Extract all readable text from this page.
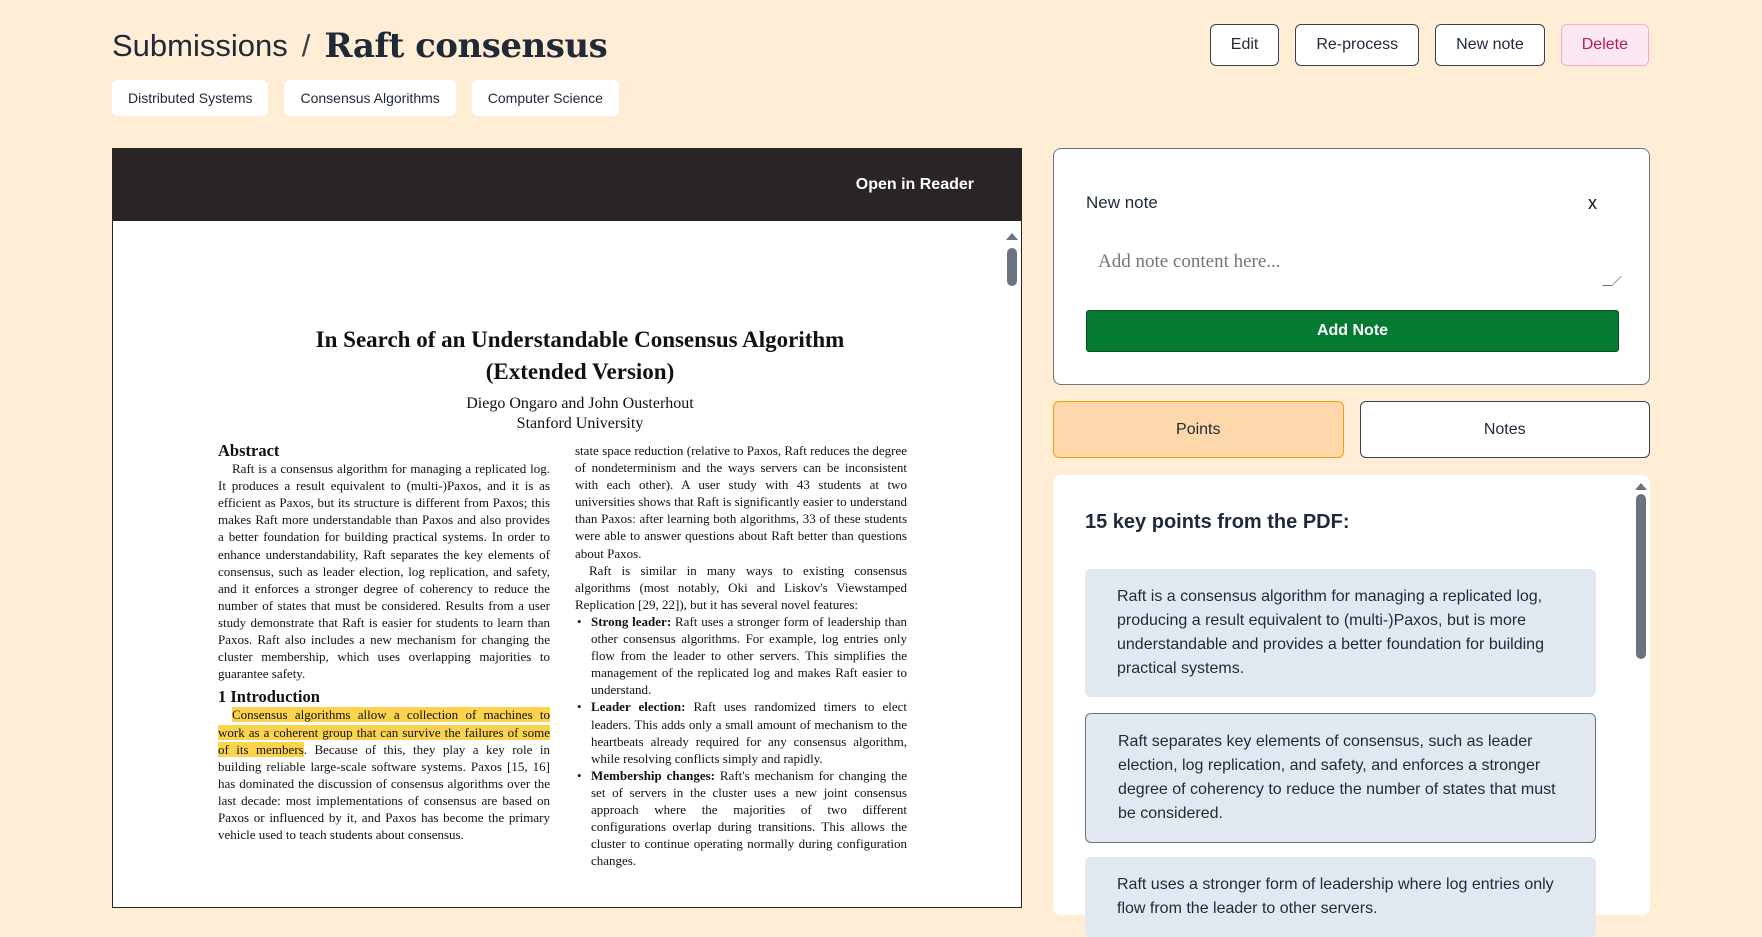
Submissions / Raft consensus	Edit	Re-process	New note	Delete
Distributed Systems	Consensus Algorithms	Computer Science
Open in Reader
In Search of an Understandable Consensus Algorithm
(Extended Version)
Diego Ongaro and John Ousterhout
Stanford University
Abstract

Raft is a consensus algorithm for managing a replicated log. It produces a result equivalent to (multi-)Paxos, and it is as efficient as Paxos, but its structure is different from Paxos; this makes Raft more understandable than Paxos and also provides a better foundation for building practical systems. In order to enhance understandability, Raft separates the key elements of consensus, such as leader election, log replication, and safety, and it enforces a stronger degree of coherency to reduce the number of states that must be considered. Results from a user study demonstrate that Raft is easier for students to learn than Paxos. Raft also includes a new mechanism for changing the cluster membership, which uses overlapping majorities to guarantee safety.

1 Introduction

Consensus algorithms allow a collection of machines to work as a coherent group that can survive the failures of some of its members. Because of this, they play a key role in building reliable large-scale software systems. Paxos [15, 16] has dominated the discussion of consensus algorithms over the last decade: most implementations of consensus are based on Paxos or influenced by it, and Paxos has become the primary vehicle used to teach students about consensus.

state space reduction (relative to Paxos, Raft reduces the degree of nondeterminism and the ways servers can be inconsistent with each other). A user study with 43 students at two universities shows that Raft is significantly easier to understand than Paxos: after learning both algorithms, 33 of these students were able to answer questions about Raft better than questions about Paxos.

Raft is similar in many ways to existing consensus algorithms (most notably, Oki and Liskov's Viewstamped Replication [29, 22]), but it has several novel features:

• Strong leader: Raft uses a stronger form of leadership than other consensus algorithms. For example, log entries only flow from the leader to other servers. This simplifies the management of the replicated log and makes Raft easier to understand.
• Leader election: Raft uses randomized timers to elect leaders. This adds only a small amount of mechanism to the heartbeats already required for any consensus algorithm, while resolving conflicts simply and rapidly.
• Membership changes: Raft's mechanism for changing the set of servers in the cluster uses a new joint consensus approach where the majorities of two different configurations overlap during transitions. This allows the cluster to continue operating normally during configuration changes.
New note	x
Add note content here...
Add Note
Points	Notes
15 key points from the PDF:
Raft is a consensus algorithm for managing a replicated log, producing a result equivalent to (multi-)Paxos, but is more understandable and provides a better foundation for building practical systems.
Raft separates key elements of consensus, such as leader election, log replication, and safety, and enforces a stronger degree of coherency to reduce the number of states that must be considered.
Raft uses a stronger form of leadership where log entries only flow from the leader to other servers.
